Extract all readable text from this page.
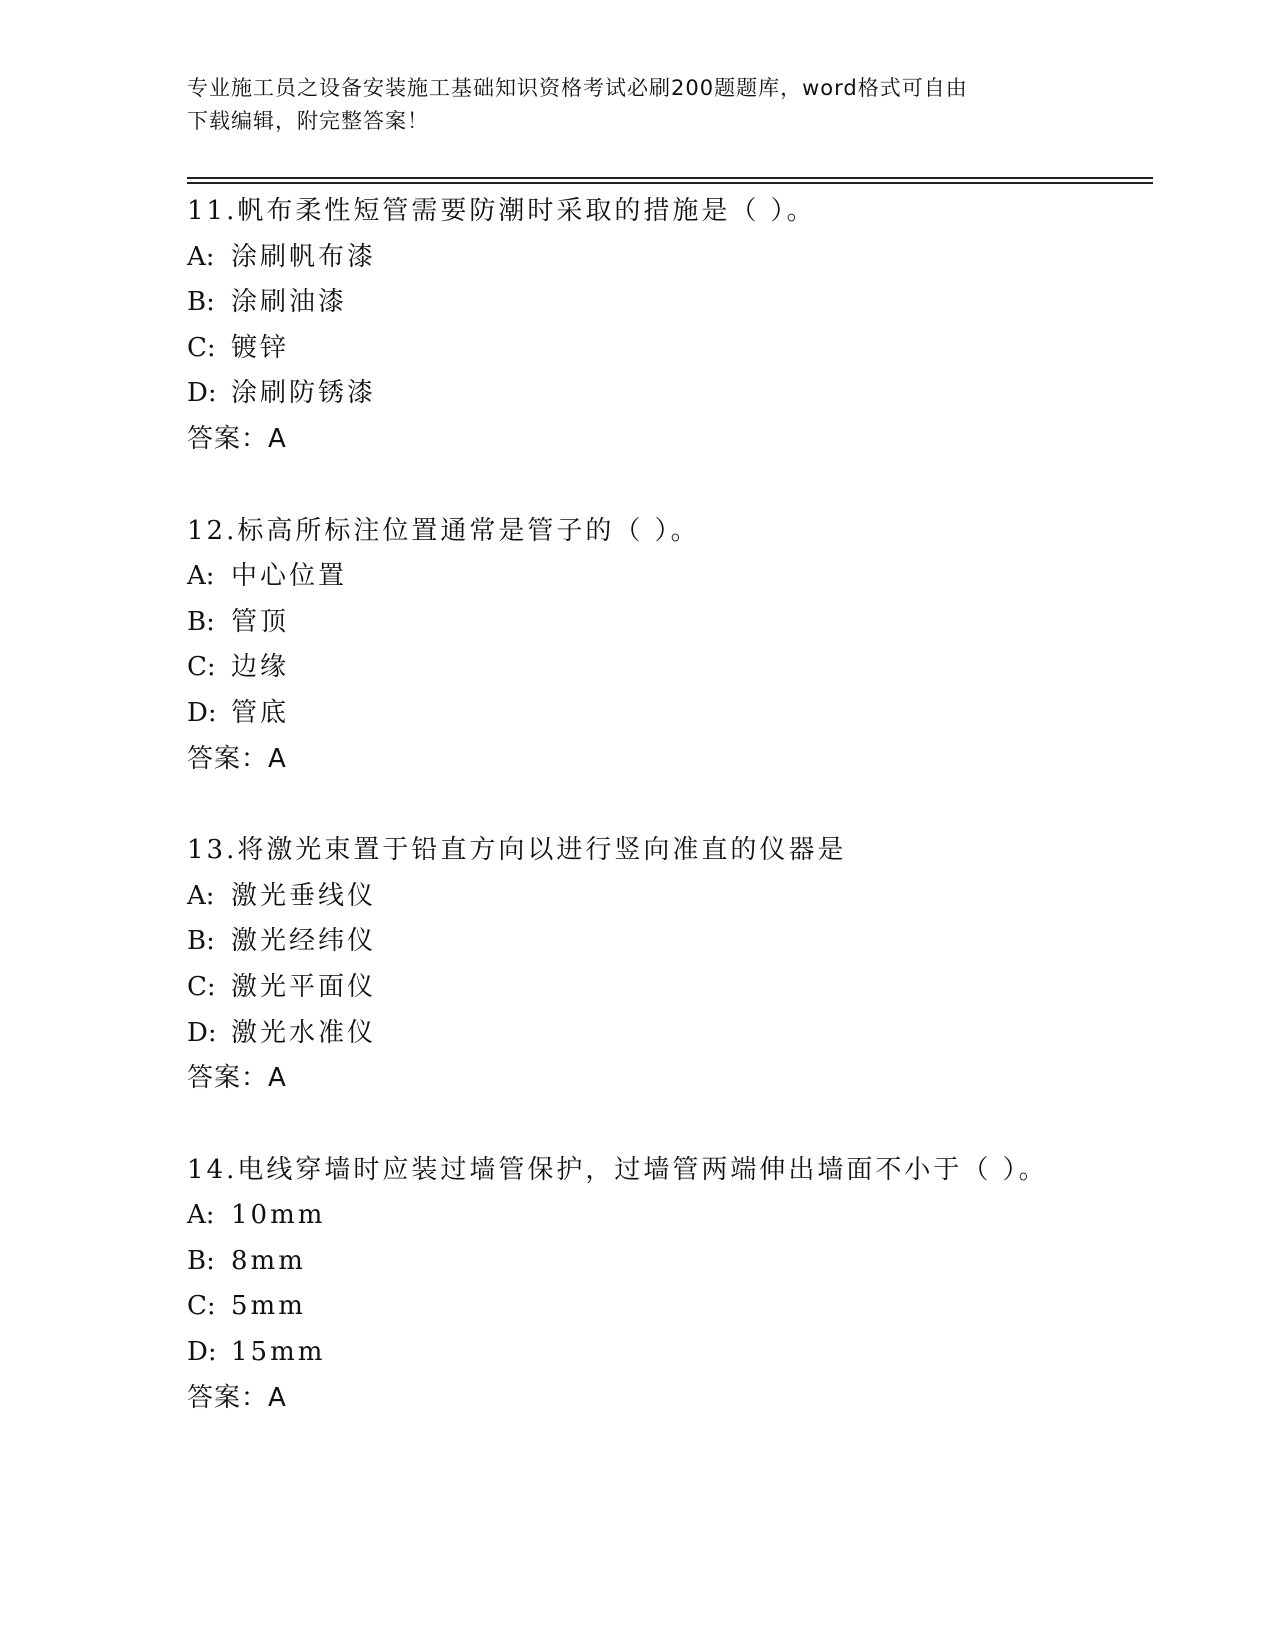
专业施工员之设备安装施工基础知识资格考试必刷200题题库，word格式可自由
下载编辑，附完整答案！
11.帆布柔性短管需要防潮时采取的措施是（ ）。
A: 涂刷帆布漆
B: 涂刷油漆
C: 镀锌
D: 涂刷防锈漆
答案：A
12.标高所标注位置通常是管子的（ ）。
A: 中心位置
B: 管顶
C: 边缘
D: 管底
答案：A
13.将激光束置于铅直方向以进行竖向准直的仪器是
A: 激光垂线仪
B: 激光经纬仪
C: 激光平面仪
D: 激光水准仪
答案：A
14.电线穿墙时应装过墙管保护，过墙管两端伸出墙面不小于（ ）。
A: 10mm
B: 8mm
C: 5mm
D: 15mm
答案：A
